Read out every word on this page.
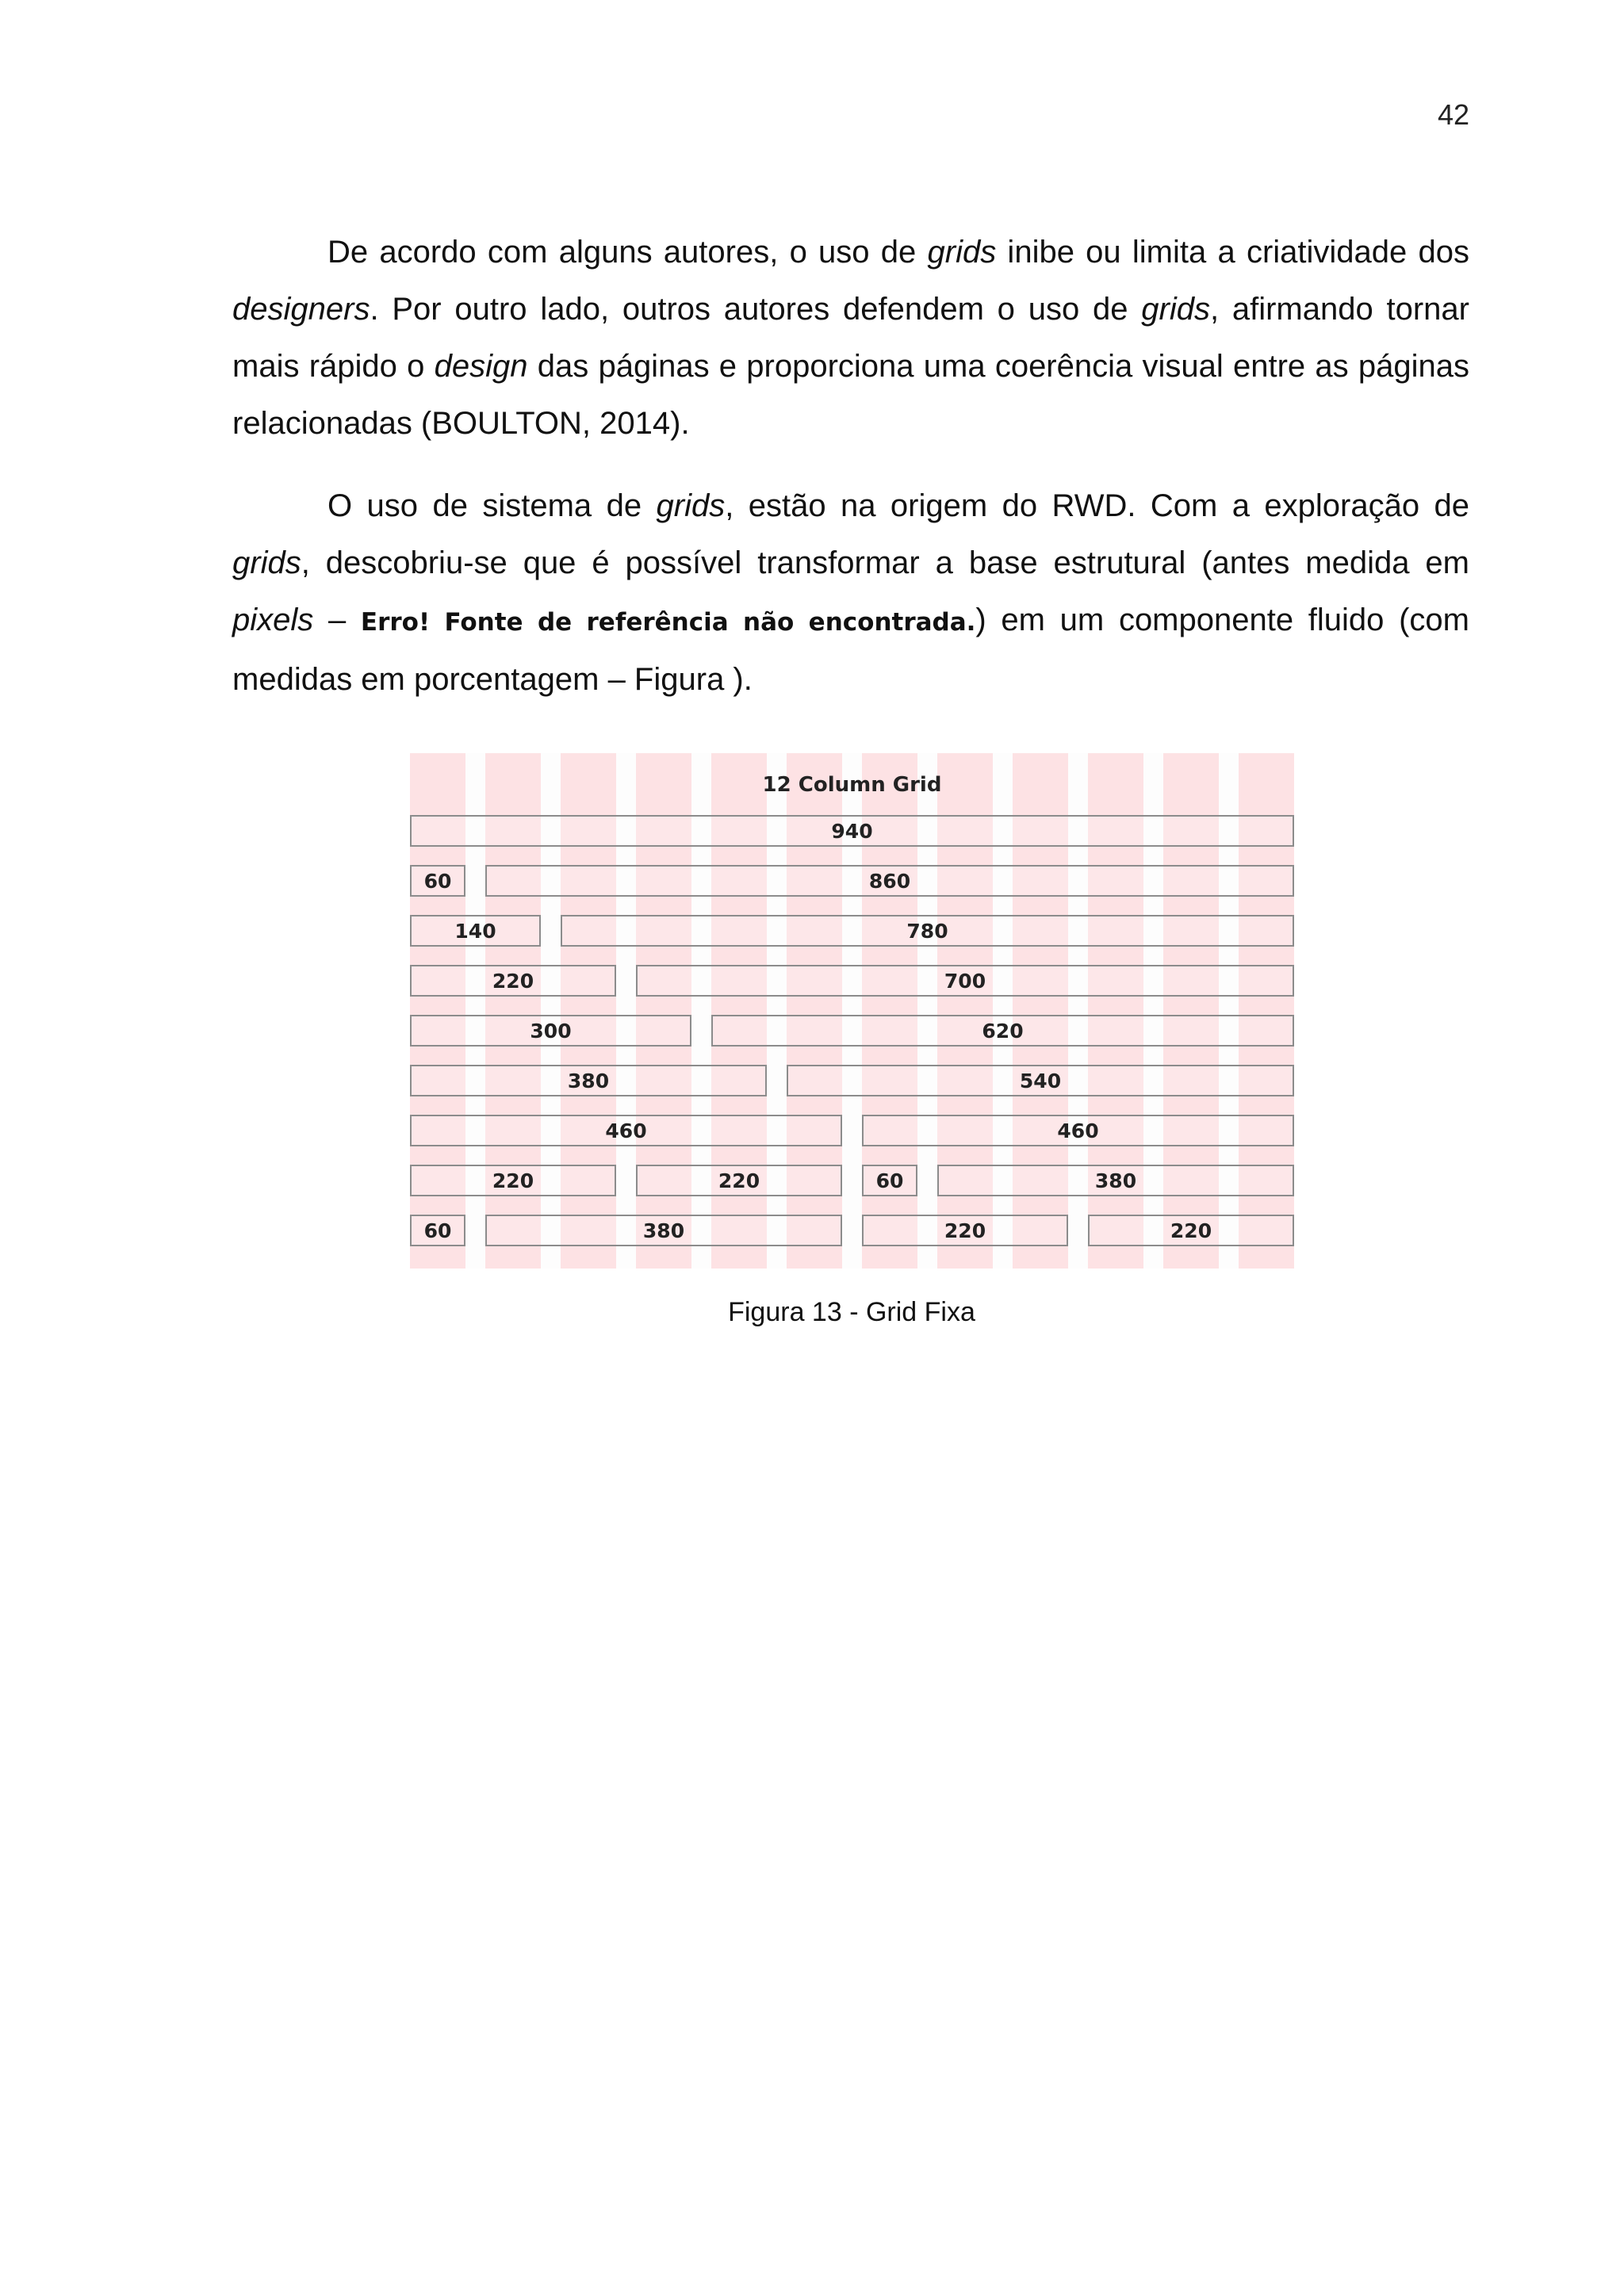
42

De acordo com alguns autores, o uso de grids inibe ou limita a criatividade dos designers. Por outro lado, outros autores defendem o uso de grids, afirmando tornar mais rápido o design das páginas e proporciona uma coerência visual entre as páginas relacionadas (BOULTON, 2014).

O uso de sistema de grids, estão na origem do RWD. Com a exploração de grids, descobriu-se que é possível transformar a base estrutural (antes medida em pixels – Erro! Fonte de referência não encontrada.) em um componente fluido (com medidas em porcentagem – Figura ).

12 Column Grid
940
60	860
140	780
220	700
300	620
380	540
460	460
220	220	60	380
60	380	220	220
Figura 13 - Grid Fixa
